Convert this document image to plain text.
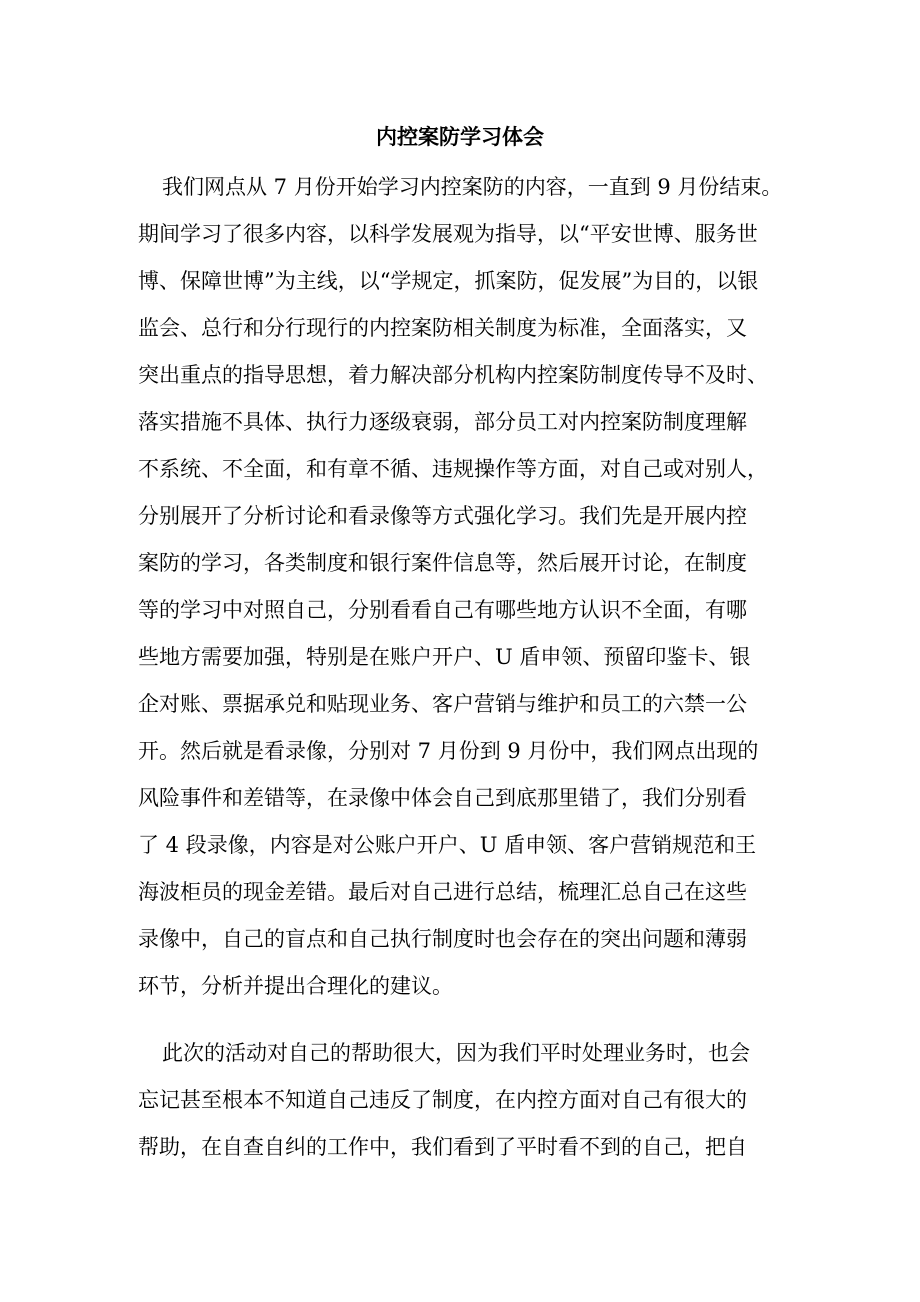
内控案防学习体会

我们网点从 7 月份开始学习内控案防的内容，一直到 9 月份结束。

期间学习了很多内容，以科学发展观为指导，以“平安世博、服务世

博、保障世博”为主线，以“学规定，抓案防，促发展”为目的，以银

监会、总行和分行现行的内控案防相关制度为标准，全面落实，又

突出重点的指导思想，着力解决部分机构内控案防制度传导不及时、

落实措施不具体、执行力逐级衰弱，部分员工对内控案防制度理解

不系统、不全面，和有章不循、违规操作等方面，对自己或对别人，

分别展开了分析讨论和看录像等方式强化学习。我们先是开展内控

案防的学习，各类制度和银行案件信息等，然后展开讨论，在制度

等的学习中对照自己，分别看看自己有哪些地方认识不全面，有哪

些地方需要加强，特别是在账户开户、U 盾申领、预留印鉴卡、银

企对账、票据承兑和贴现业务、客户营销与维护和员工的六禁一公

开。然后就是看录像，分别对 7 月份到 9 月份中，我们网点出现的

风险事件和差错等，在录像中体会自己到底那里错了，我们分别看

了 4 段录像，内容是对公账户开户、U 盾申领、客户营销规范和王

海波柜员的现金差错。最后对自己进行总结，梳理汇总自己在这些

录像中，自己的盲点和自己执行制度时也会存在的突出问题和薄弱

环节，分析并提出合理化的建议。

此次的活动对自己的帮助很大，因为我们平时处理业务时，也会

忘记甚至根本不知道自己违反了制度，在内控方面对自己有很大的

帮助，在自查自纠的工作中，我们看到了平时看不到的自己，把自
